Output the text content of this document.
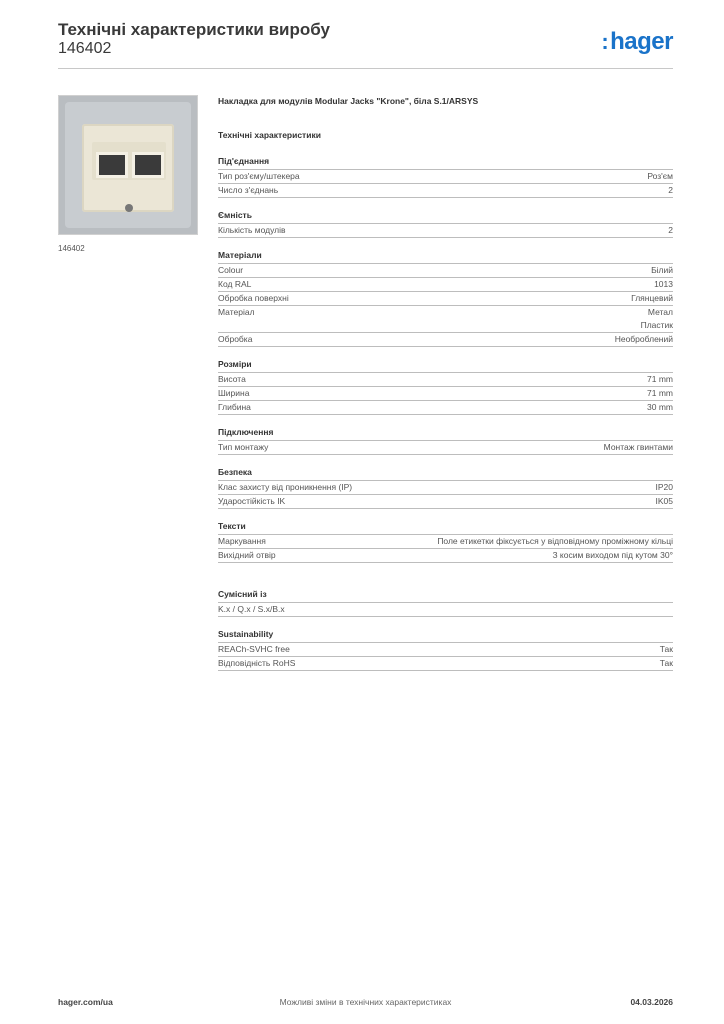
Технічні характеристики виробу
146402	:hager
146402
Накладка для модулів Modular Jacks "Krone", біла S.1/ARSYS
Технічні характеристики
Під'єднання
Тип роз'єму/штекера	Роз'єм
Число з'єднань	2
Ємність
Кількість модулів	2
Матеріали
Colour	Білий
Код RAL	1013
Обробка поверхні	Глянцевий
Матеріал	Метал
Пластик
Обробка	Необроблений
Розміри
Висота	71 mm
Ширина	71 mm
Глибина	30 mm
Підключення
Тип монтажу	Монтаж гвинтами
Безпека
Клас захисту від проникнення (IP)	IP20
Ударостійкість IK	IK05
Тексти
Маркування	Поле етикетки фіксується у відповідному проміжному кільці
Вихідний отвір	З косим виходом під кутом 30°
Сумісний із
K.x / Q.x / S.x/B.x
Sustainability
REACh-SVHC free	Так
Відповідність RoHS	Так
hager.com/ua	Можливі зміни в технічних характеристиках	04.03.2026
